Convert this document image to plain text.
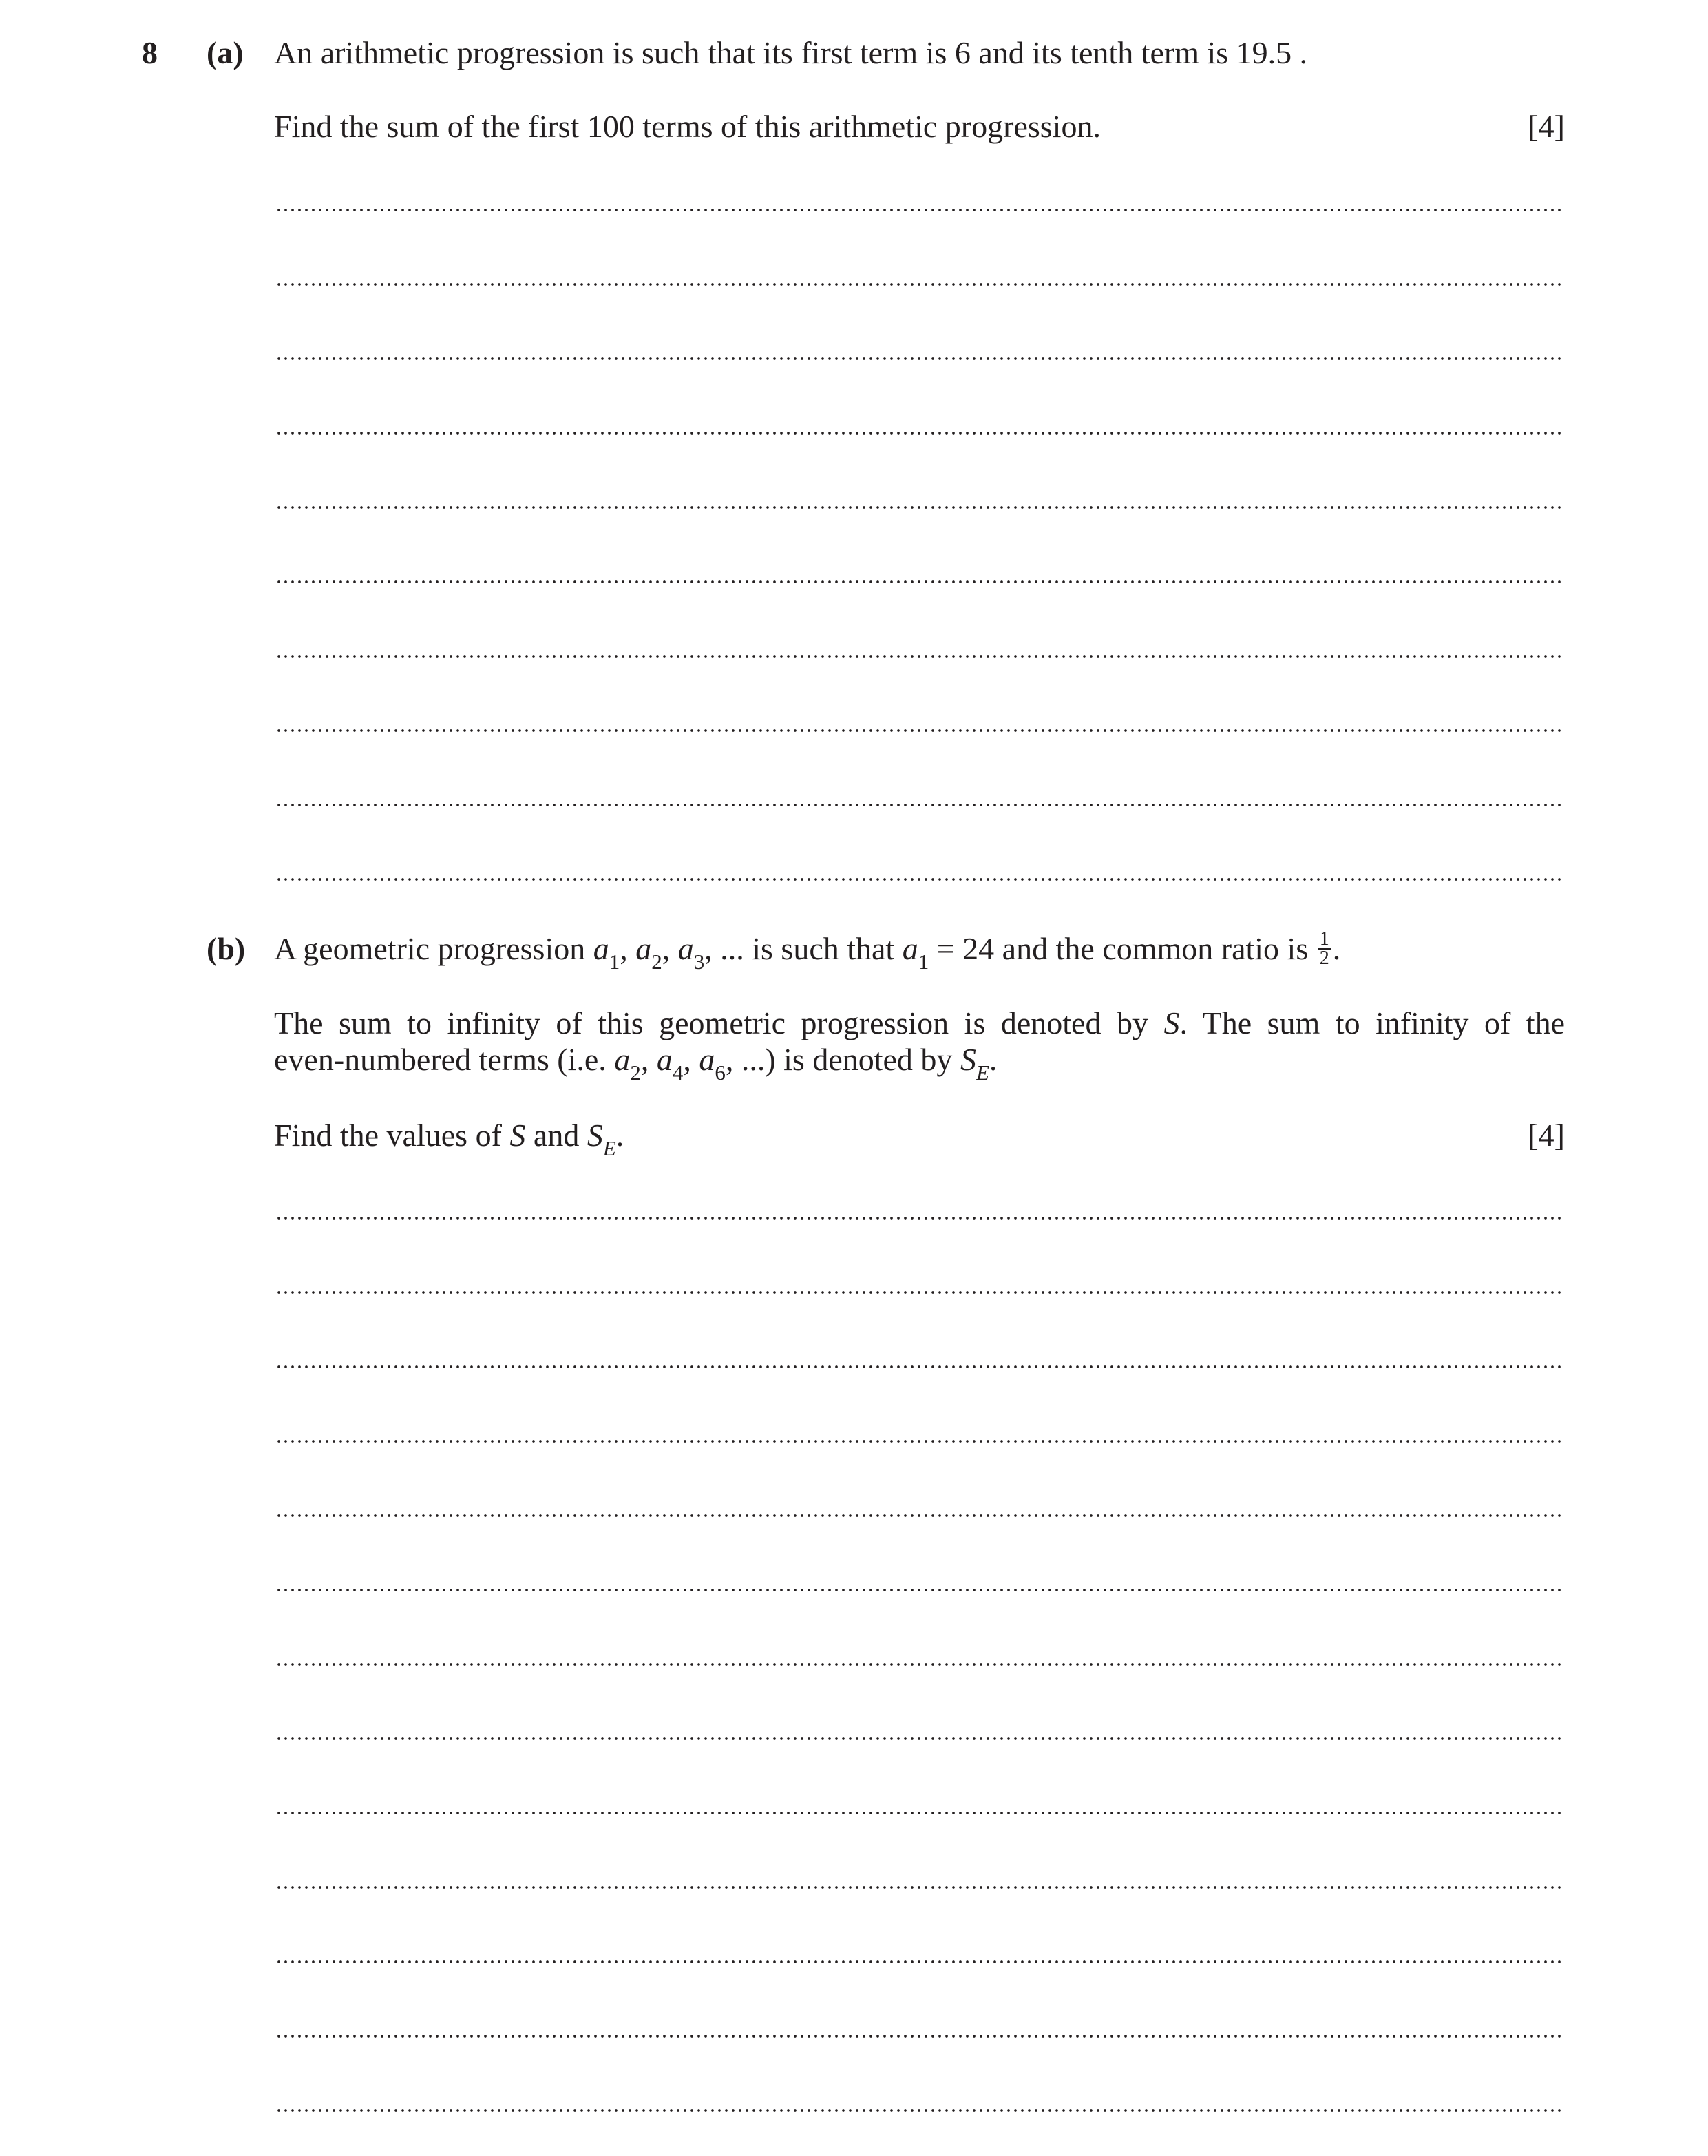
8 (a) An arithmetic progression is such that its first term is 6 and its tenth term is 19.5 .
Find the sum of the first 100 terms of this arithmetic progression.	[4]
(b) A geometric progression $a_1$, $a_2$, $a_3$, ... is such that $a_1 = 24$ and the common ratio is $\frac{1}{2}$ .
The sum to infinity of this geometric progression is denoted by S. The sum to infinity of the
even-numbered terms (i.e. $a_2$, $a_4$, $a_6$, ...) is denoted by $S_E$.
Find the values of S and $S_E$.	[4]
